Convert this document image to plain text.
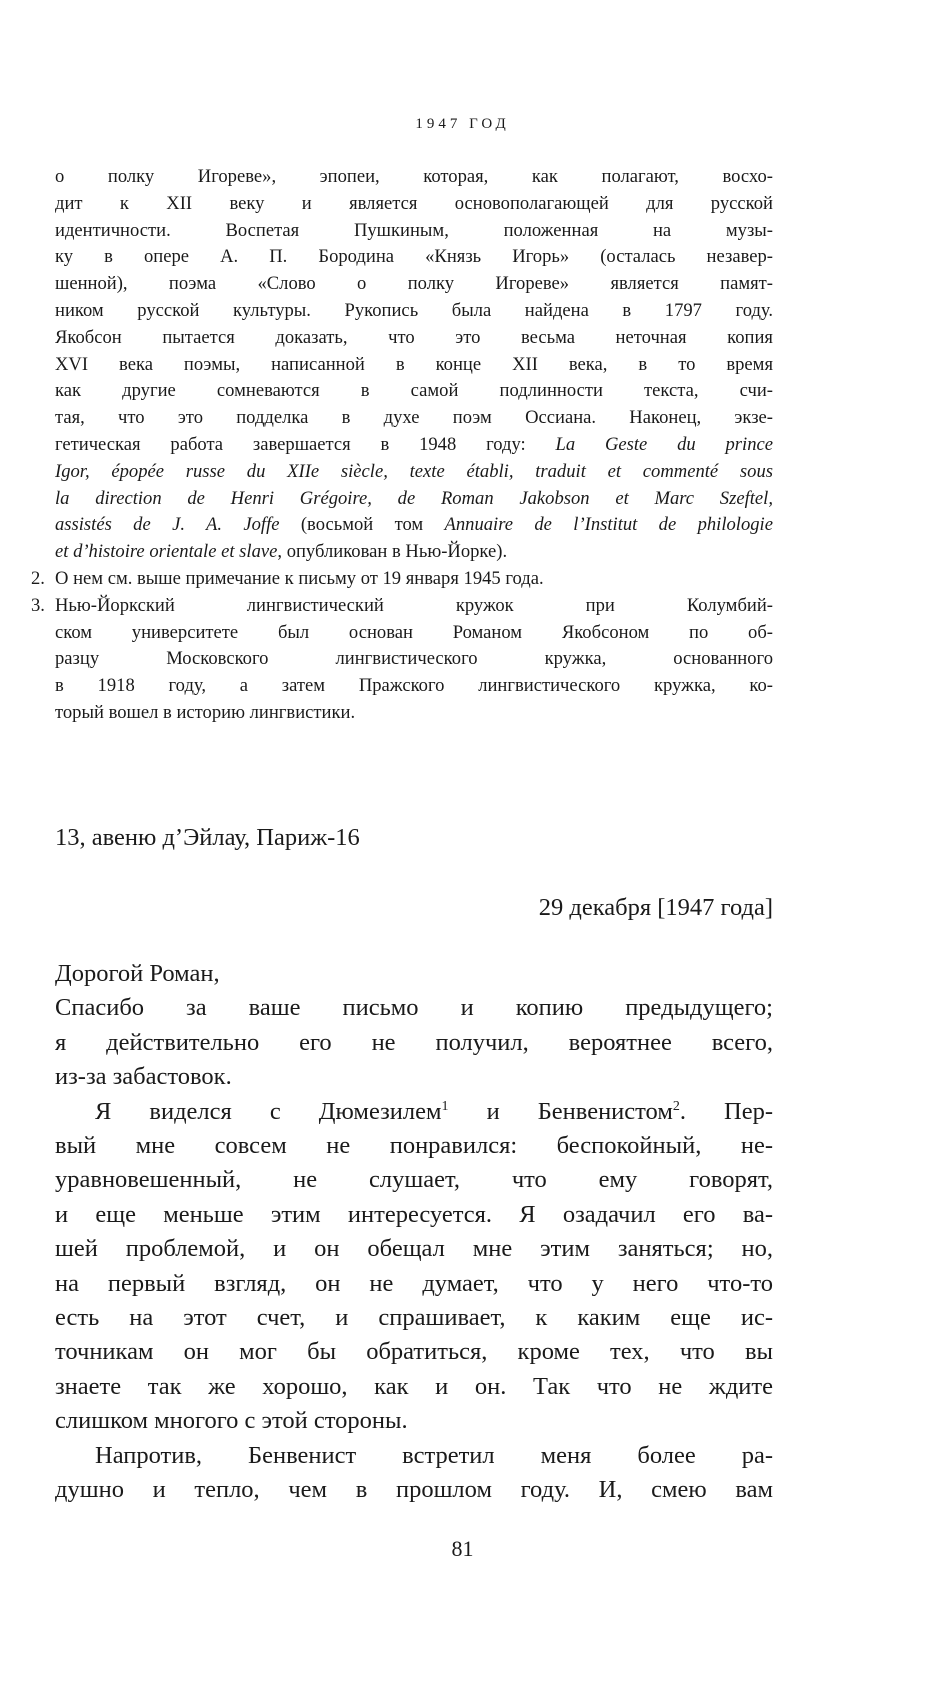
1947 ГОД

о полку Игореве», эпопеи, которая, как полагают, восхо-

дит к XII веку и является основополагающей для русской

идентичности. Воспетая Пушкиным, положенная на музы-

ку в опере А. П. Бородина «Князь Игорь» (осталась незавер-

шенной), поэма «Слово о полку Игореве» является памят-

ником русской культуры. Рукопись была найдена в 1797 году.

Якобсон пытается доказать, что это весьма неточная копия

XVI века поэмы, написанной в конце XII века, в то время

как другие сомневаются в самой подлинности текста, счи-

тая, что это подделка в духе поэм Оссиана. Наконец, экзе-

гетическая работа завершается в 1948 году: La Geste du prince

Igor, épopée russe du XIIe siècle, texte établi, traduit et commenté sous

la direction de Henri Grégoire, de Roman Jakobson et Marc Szeftel,

assistés de J. A. Joffe (восьмой том Annuaire de l’Institut de philologie

et d’histoire orientale et slave, опубликован в Нью-Йорке).

2. О нем см. выше примечание к письму от 19 января 1945 года.

3. Нью-Йоркский лингвистический кружок при Колумбий-

ском университете был основан Романом Якобсоном по об-

разцу Московского лингвистического кружка, основанного

в 1918 году, а затем Пражского лингвистического кружка, ко-

торый вошел в историю лингвистики.

13, авеню д’Эйлау, Париж-16
29 декабря [1947 года]

Дорогой Роман,

Спасибо за ваше письмо и копию предыдущего;

я действительно его не получил, вероятнее всего,

из-за забастовок.

Я виделся с Дюмезилем$^1$ и Бенвенистом$^2$. Пер-

вый мне совсем не понравился: беспокойный, не-

уравновешенный, не слушает, что ему говорят,

и еще меньше этим интересуется. Я озадачил его ва-

шей проблемой, и он обещал мне этим заняться; но,

на первый взгляд, он не думает, что у него что-то

есть на этот счет, и спрашивает, к каким еще ис-

точникам он мог бы обратиться, кроме тех, что вы

знаете так же хорошо, как и он. Так что не ждите

слишком многого с этой стороны.

Напротив, Бенвенист встретил меня более ра-

душно и тепло, чем в прошлом году. И, смею вам

81
